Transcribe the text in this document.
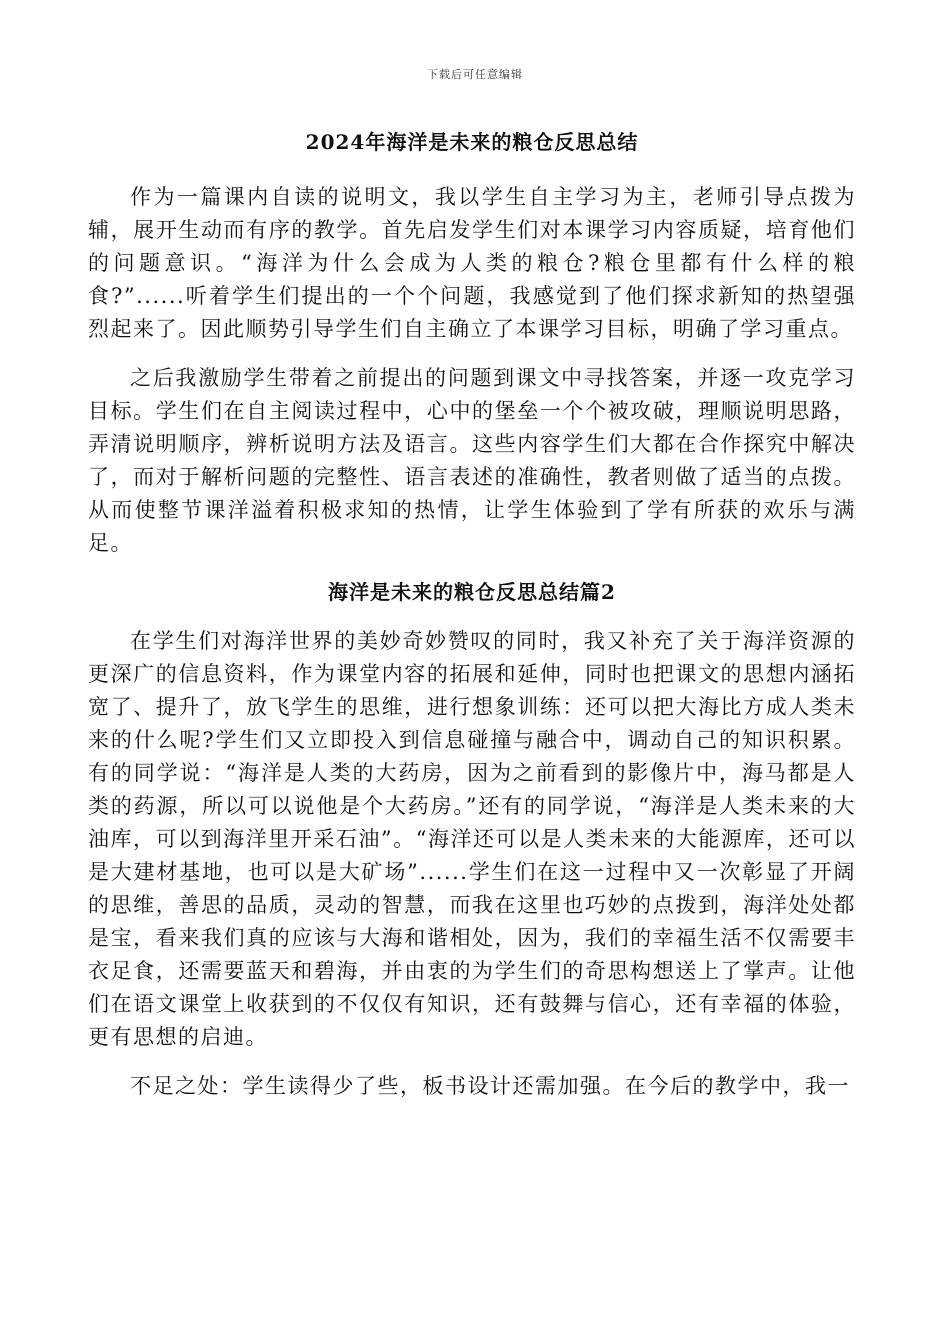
下载后可任意编辑
2024年海洋是未来的粮仓反思总结

作为一篇课内自读的说明文，我以学生自主学习为主，老师引导点拨为辅，展开生动而有序的教学。首先启发学生们对本课学习内容质疑，培育他们的问题意识。“海洋为什么会成为人类的粮仓?粮仓里都有什么样的粮食?”......听着学生们提出的一个个问题，我感觉到了他们探求新知的热望强烈起来了。因此顺势引导学生们自主确立了本课学习目标，明确了学习重点。

之后我激励学生带着之前提出的问题到课文中寻找答案，并逐一攻克学习目标。学生们在自主阅读过程中，心中的堡垒一个个被攻破，理顺说明思路，弄清说明顺序，辨析说明方法及语言。这些内容学生们大都在合作探究中解决了，而对于解析问题的完整性、语言表述的准确性，教者则做了适当的点拨。从而使整节课洋溢着积极求知的热情，让学生体验到了学有所获的欢乐与满足。

海洋是未来的粮仓反思总结篇2

在学生们对海洋世界的美妙奇妙赞叹的同时，我又补充了关于海洋资源的更深广的信息资料，作为课堂内容的拓展和延伸，同时也把课文的思想内涵拓宽了、提升了，放飞学生的思维，进行想象训练：还可以把大海比方成人类未来的什么呢?学生们又立即投入到信息碰撞与融合中，调动自己的知识积累。有的同学说：“海洋是人类的大药房，因为之前看到的影像片中，海马都是人类的药源，所以可以说他是个大药房。”还有的同学说，“海洋是人类未来的大油库，可以到海洋里开采石油”。“海洋还可以是人类未来的大能源库，还可以是大建材基地，也可以是大矿场”......学生们在这一过程中又一次彰显了开阔的思维，善思的品质，灵动的智慧，而我在这里也巧妙的点拨到，海洋处处都是宝，看来我们真的应该与大海和谐相处，因为，我们的幸福生活不仅需要丰衣足食，还需要蓝天和碧海，并由衷的为学生们的奇思构想送上了掌声。让他们在语文课堂上收获到的不仅仅有知识，还有鼓舞与信心，还有幸福的体验，更有思想的启迪。

不足之处：学生读得少了些，板书设计还需加强。在今后的教学中，我一
